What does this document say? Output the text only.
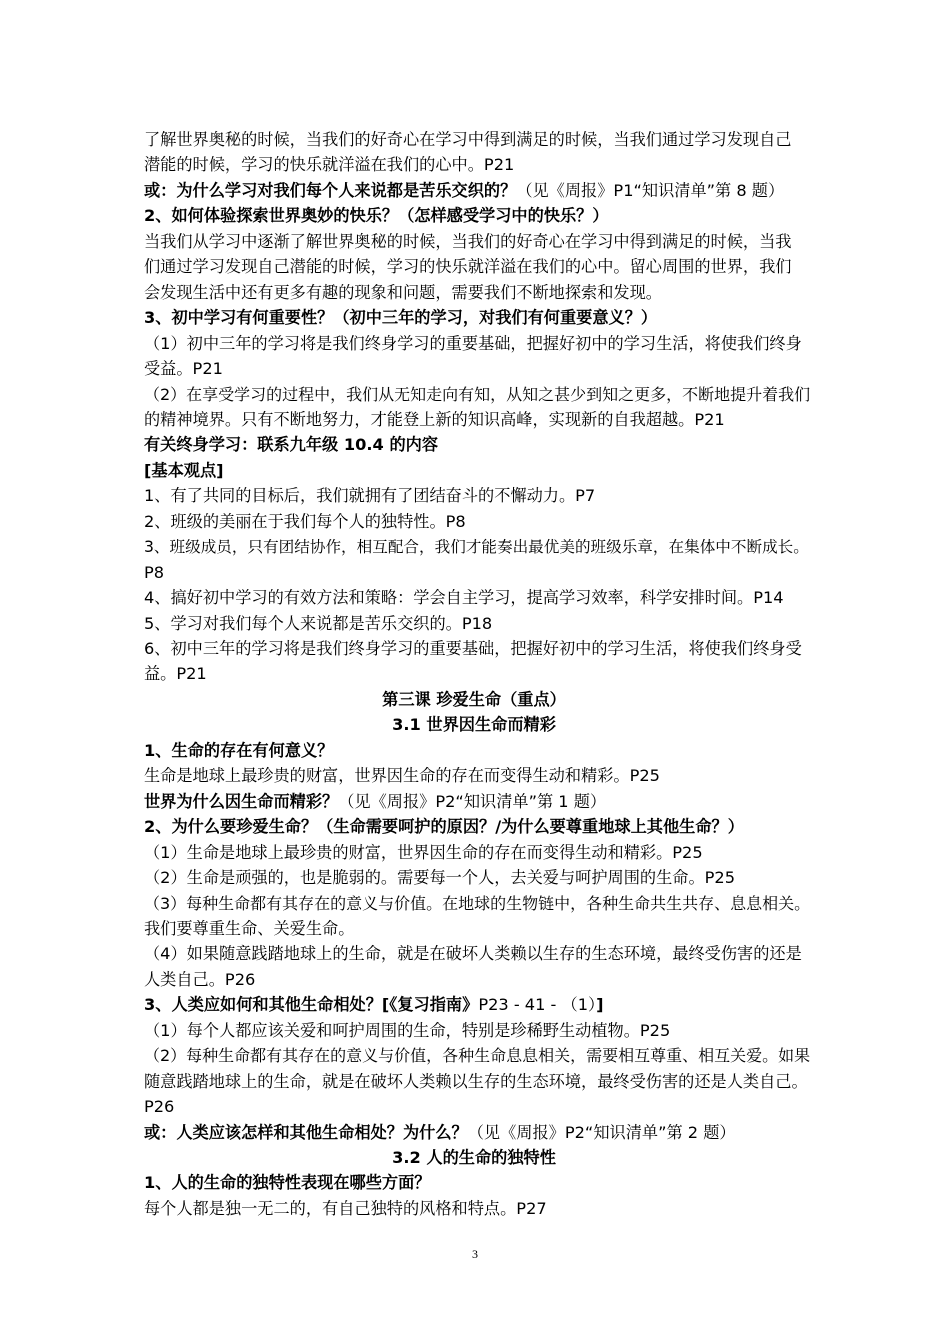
了解世界奥秘的时候，当我们的好奇心在学习中得到满足的时候，当我们通过学习发现自己
潜能的时候，学习的快乐就洋溢在我们的心中。P21
或：为什么学习对我们每个人来说都是苦乐交织的？（见《周报》P1“知识清单”第 8 题）
2、如何体验探索世界奥妙的快乐？（怎样感受学习中的快乐？）
当我们从学习中逐渐了解世界奥秘的时候，当我们的好奇心在学习中得到满足的时候，当我
们通过学习发现自己潜能的时候，学习的快乐就洋溢在我们的心中。留心周围的世界，我们
会发现生活中还有更多有趣的现象和问题，需要我们不断地探索和发现。
3、初中学习有何重要性？（初中三年的学习，对我们有何重要意义？）
（1）初中三年的学习将是我们终身学习的重要基础，把握好初中的学习生活，将使我们终身
受益。P21
（2）在享受学习的过程中，我们从无知走向有知，从知之甚少到知之更多，不断地提升着我们
的精神境界。只有不断地努力，才能登上新的知识高峰，实现新的自我超越。P21
有关终身学习：联系九年级 10.4 的内容
[基本观点]
1、有了共同的目标后，我们就拥有了团结奋斗的不懈动力。P7
2、班级的美丽在于我们每个人的独特性。P8
3、班级成员，只有团结协作，相互配合，我们才能奏出最优美的班级乐章，在集体中不断成长。
P8
4、搞好初中学习的有效方法和策略：学会自主学习，提高学习效率，科学安排时间。P14
5、学习对我们每个人来说都是苦乐交织的。P18
6、初中三年的学习将是我们终身学习的重要基础，把握好初中的学习生活，将使我们终身受
益。P21
第三课 珍爱生命（重点）
3.1 世界因生命而精彩
1、生命的存在有何意义？
生命是地球上最珍贵的财富，世界因生命的存在而变得生动和精彩。P25
世界为什么因生命而精彩？（见《周报》P2“知识清单”第 1 题）
2、为什么要珍爱生命？（生命需要呵护的原因？/为什么要尊重地球上其他生命？）
（1）生命是地球上最珍贵的财富，世界因生命的存在而变得生动和精彩。P25
（2）生命是顽强的，也是脆弱的。需要每一个人，去关爱与呵护周围的生命。P25
（3）每种生命都有其存在的意义与价值。在地球的生物链中，各种生命共生共存、息息相关。
我们要尊重生命、关爱生命。
（4）如果随意践踏地球上的生命，就是在破坏人类赖以生存的生态环境，最终受伤害的还是
人类自己。P26
3、人类应如何和其他生命相处？[《复习指南》P23 - 41 - （1）]
（1）每个人都应该关爱和呵护周围的生命，特别是珍稀野生动植物。P25
（2）每种生命都有其存在的意义与价值，各种生命息息相关，需要相互尊重、相互关爱。如果
随意践踏地球上的生命，就是在破坏人类赖以生存的生态环境，最终受伤害的还是人类自己。
P26
或：人类应该怎样和其他生命相处？为什么？（见《周报》P2“知识清单”第 2 题）
3.2 人的生命的独特性
1、人的生命的独特性表现在哪些方面？
每个人都是独一无二的，有自己独特的风格和特点。P27
3
